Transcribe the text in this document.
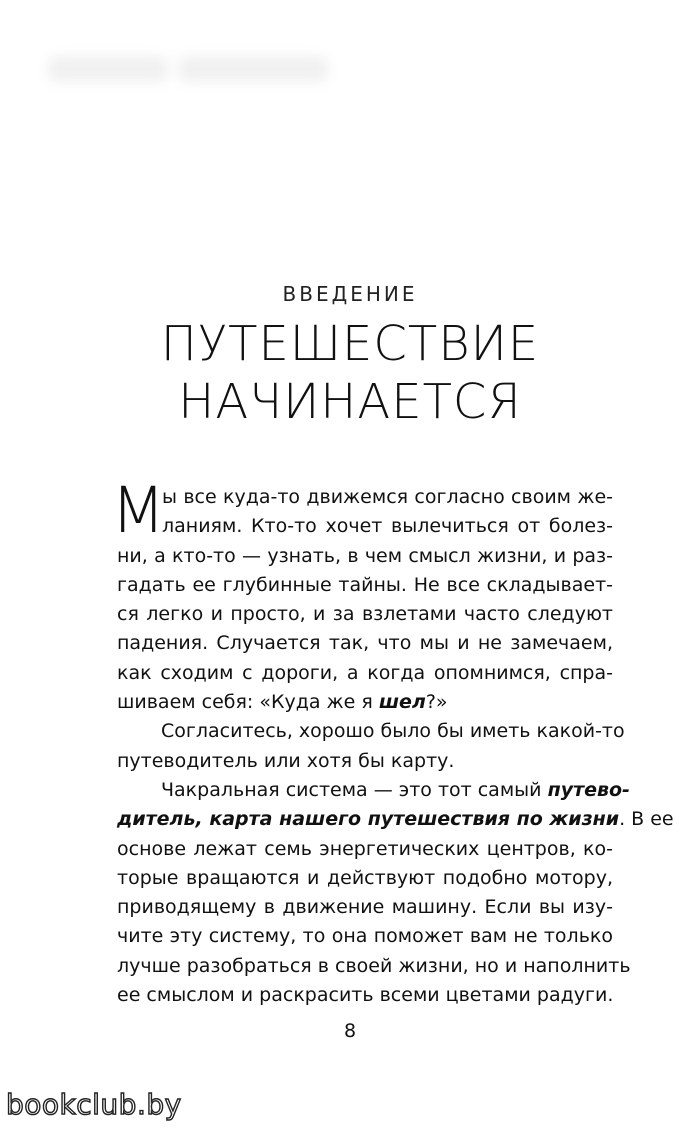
ВВЕДЕНИЕ
ПУТЕШЕСТВИЕ
НАЧИНАЕТСЯ
М
ы все куда-то движемся согласно своим же-
ланиям. Кто-то хочет вылечиться от болез-
ни, а кто-то — узнать, в чем смысл жизни, и раз-
гадать ее глубинные тайны. Не все складывает-
ся легко и просто, и за взлетами часто следуют
падения. Случается так, что мы и не замечаем,
как сходим с дороги, а когда опомнимся, спра-
шиваем себя: «Куда же я шел?»
Согласитесь, хорошо было бы иметь какой-то
путеводитель или хотя бы карту.
Чакральная система — это тот самый путево-
дитель, карта нашего путешествия по жизни. В ее
основе лежат семь энергетических центров, ко-
торые вращаются и действуют подобно мотору,
приводящему в движение машину. Если вы изу-
чите эту систему, то она поможет вам не только
лучше разобраться в своей жизни, но и наполнить
ее смыслом и раскрасить всеми цветами радуги.
8
bookclub.by
